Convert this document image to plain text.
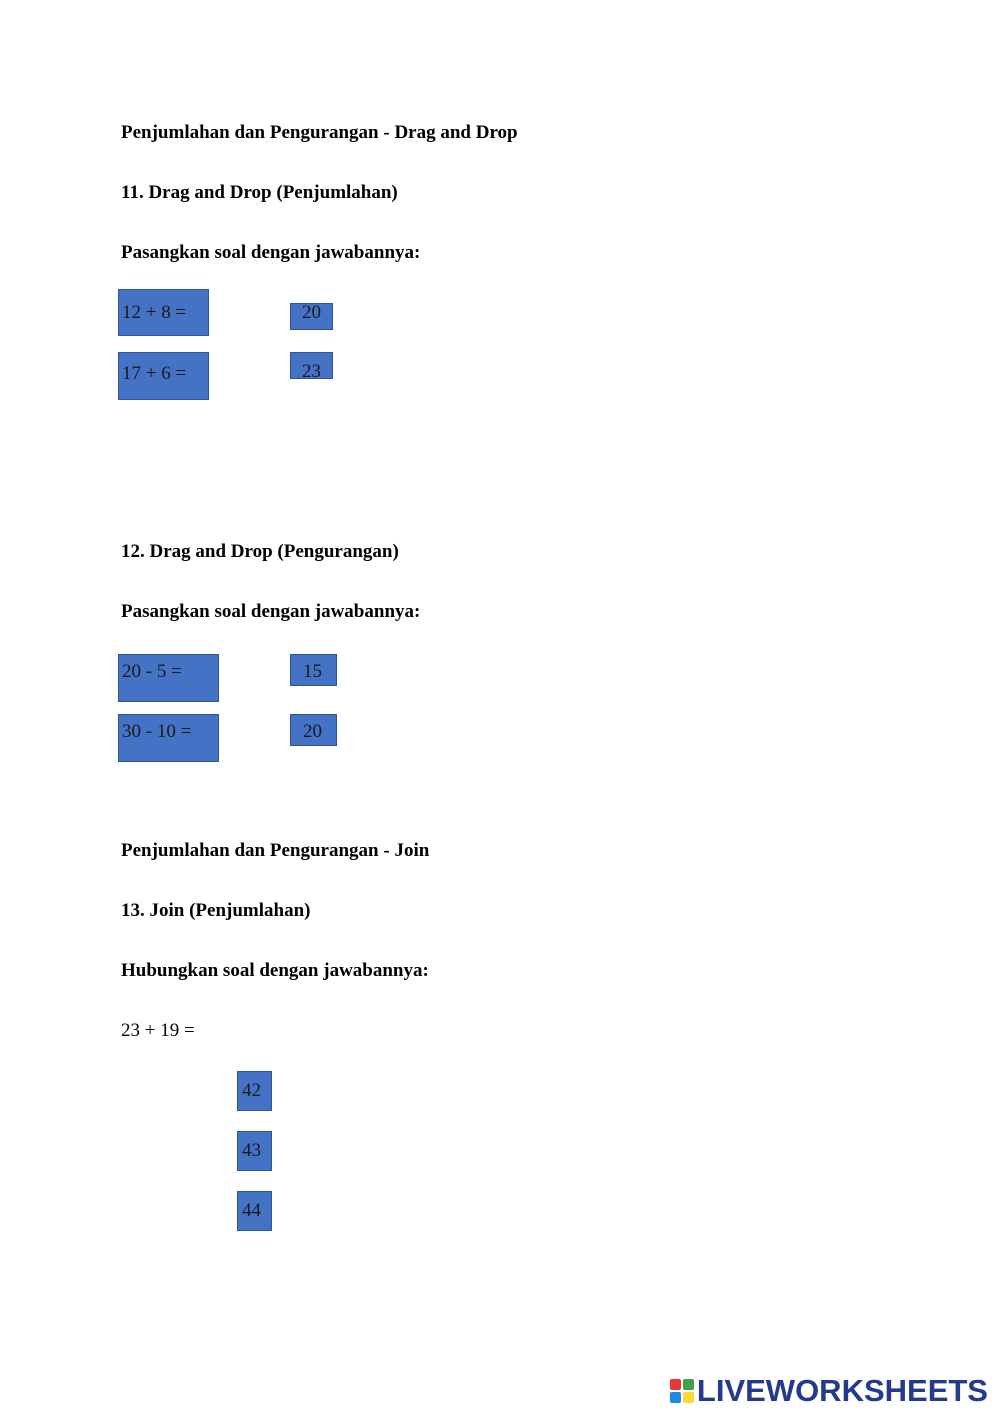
Penjumlahan dan Pengurangan - Drag and Drop
11. Drag and Drop (Penjumlahan)
Pasangkan soal dengan jawabannya:
12 + 8 =
17 + 6 =
20
23
12. Drag and Drop (Pengurangan)
Pasangkan soal dengan jawabannya:
20 - 5 =
30 - 10 =
15
20
Penjumlahan dan Pengurangan - Join
13. Join (Penjumlahan)
Hubungkan soal dengan jawabannya:
23 + 19 =
42
43
44
LIVEWORKSHEETS
